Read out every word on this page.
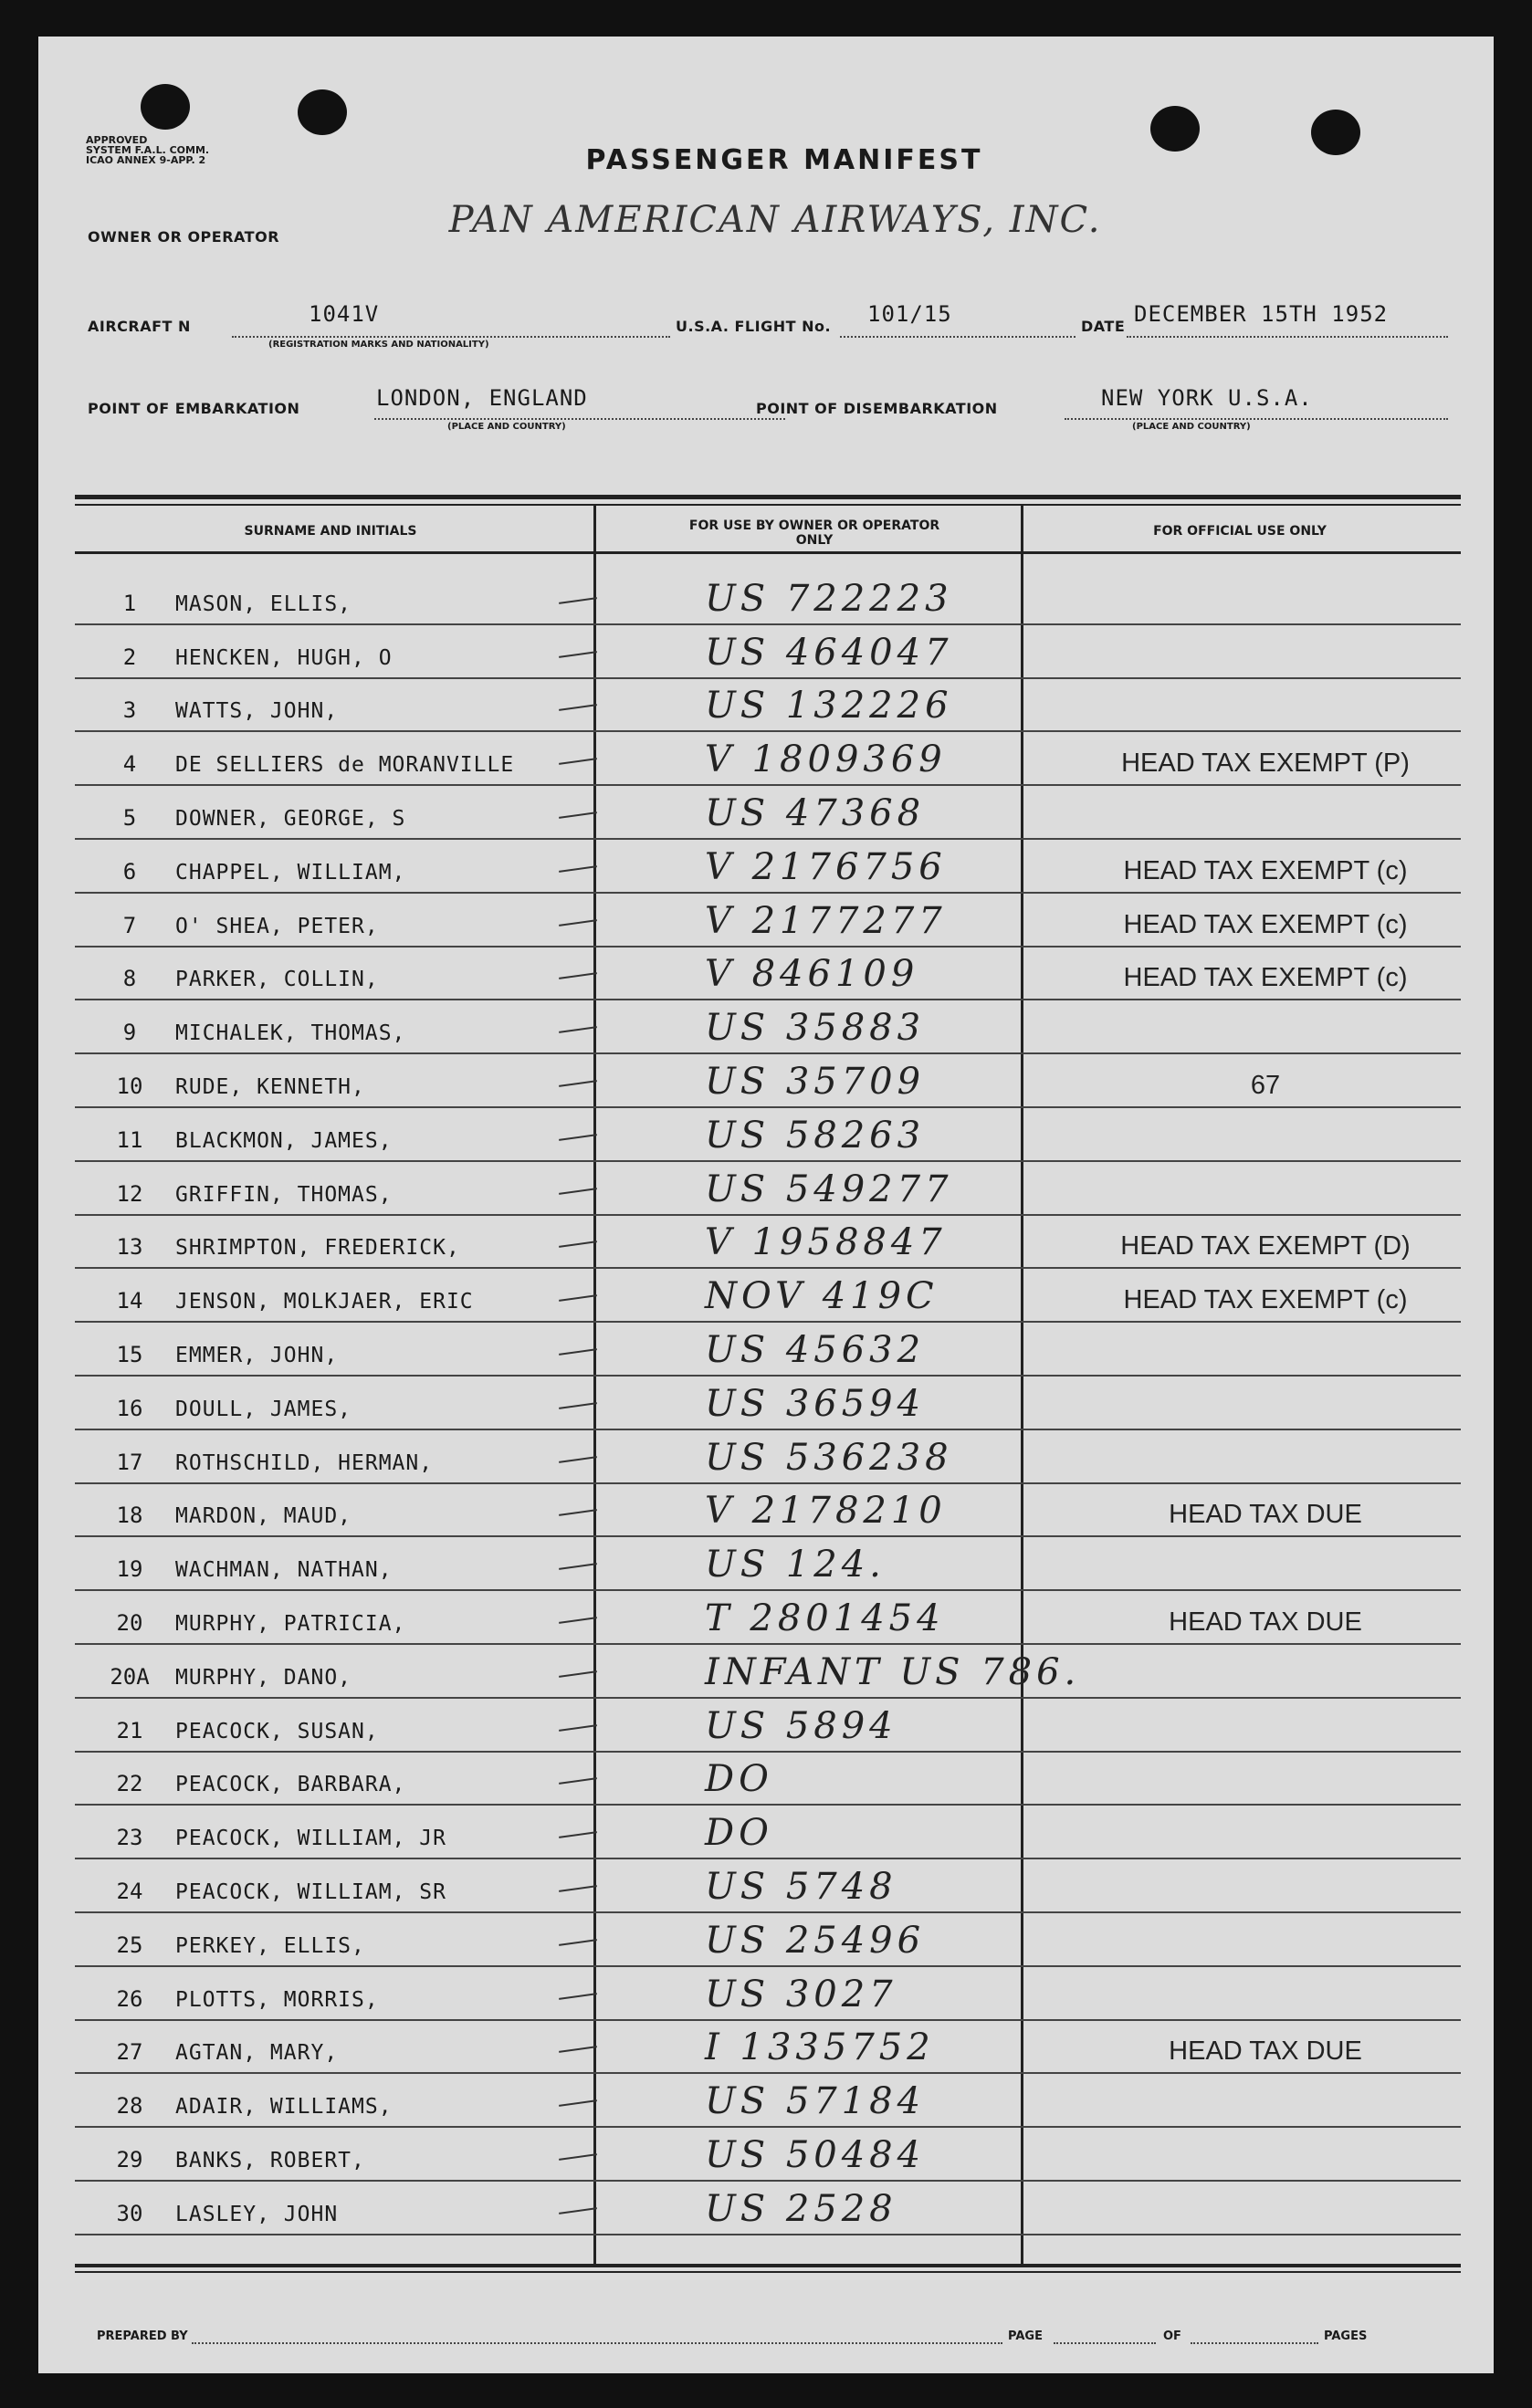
APPROVED
SYSTEM F.A.L. COMM.
ICAO ANNEX 9-APP. 2	PASSENGER MANIFEST
PAN AMERICAN AIRWAYS, INC.
OWNER OR OPERATOR
AIRCRAFT N	1041V
(REGISTRATION MARKS AND NATIONALITY)
U.S.A. FLIGHT No. 101/15	DATE DECEMBER 15TH 1952
POINT OF EMBARKATION	LONDON, ENGLAND
(PLACE AND COUNTRY)
POINT OF DISEMBARKATION	NEW YORK U.S.A.
(PLACE AND COUNTRY)
SURNAME AND INITIALS	FOR USE BY OWNER OR OPERATOR ONLY
FOR OFFICIAL USE ONLY
1	MASON, ELLIS,	US 722223
2	HENCKEN, HUGH, O	US 464047
3	WATTS, JOHN,	US 132226
4	DE SELLIERS de MORANVILLE	V 1809369	HEAD TAX EXEMPT (P)
5	DOWNER, GEORGE, S	US 47368
6	CHAPPEL, WILLIAM,	V 2176756	HEAD TAX EXEMPT (c)
7	O' SHEA, PETER,	V 2177277	HEAD TAX EXEMPT (c)
8	PARKER, COLLIN,	V 846109	HEAD TAX EXEMPT (c)
9	MICHALEK, THOMAS,	US 35883
10	RUDE, KENNETH,	US 35709	67
11	BLACKMON, JAMES,	US 58263
12	GRIFFIN, THOMAS,	US 549277
13	SHRIMPTON, FREDERICK,	V 1958847	HEAD TAX EXEMPT (D)
14	JENSON, MOLKJAER, ERIC	NOV 419C	HEAD TAX EXEMPT (c)
15	EMMER, JOHN,	US 45632
16	DOULL, JAMES,	US 36594
17	ROTHSCHILD, HERMAN,	US 536238
18	MARDON, MAUD,	V 2178210	HEAD TAX DUE
19	WACHMAN, NATHAN,	US 124.
20	MURPHY, PATRICIA,	T 2801454	HEAD TAX DUE
20A	MURPHY, DANO,	INFANT US 786.
21	PEACOCK, SUSAN,	US 5894
22	PEACOCK, BARBARA,	DO
23	PEACOCK, WILLIAM, JR	DO
24	PEACOCK, WILLIAM, SR	US 5748
25	PERKEY, ELLIS,	US 25496
26	PLOTTS, MORRIS,	US 3027
27	AGTAN, MARY,	I 1335752	HEAD TAX DUE
28	ADAIR, WILLIAMS,	US 57184
29	BANKS, ROBERT,	US 50484
30	LASLEY, JOHN	US 2528
PREPARED BY	PAGE	OF	PAGES
